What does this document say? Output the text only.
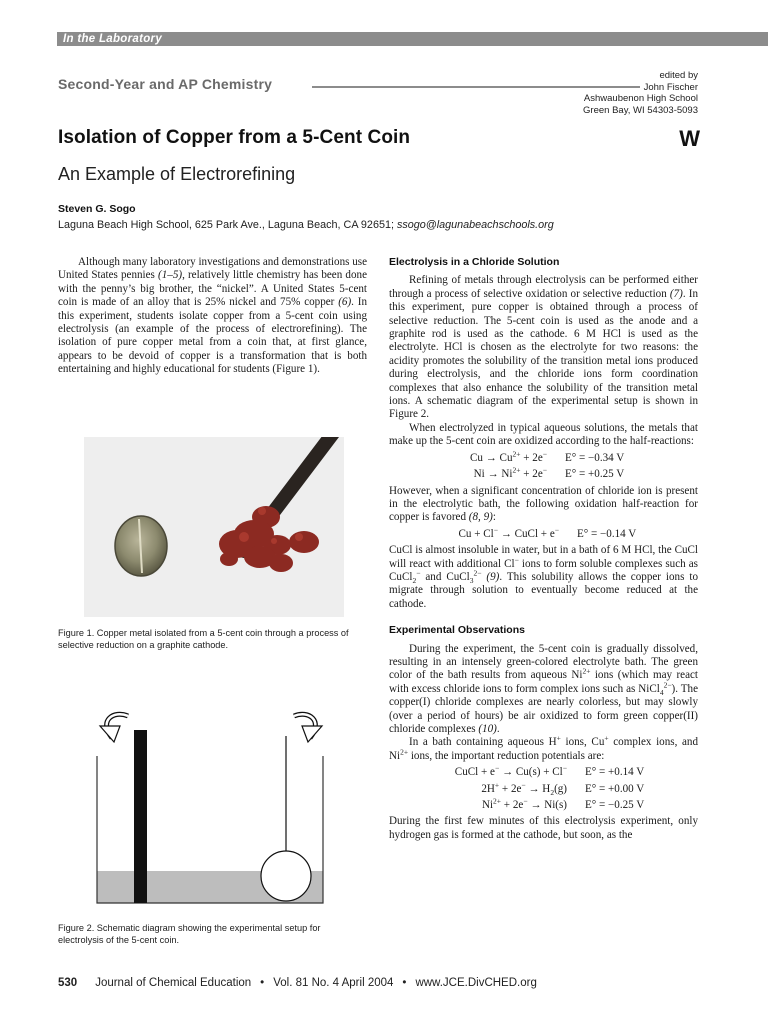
In the Laboratory
Second-Year and AP Chemistry
edited by
John Fischer
Ashwaubenon High School
Green Bay, WI 54303-5093
Isolation of Copper from a 5-Cent Coin	W
An Example of Electrorefining
Steven G. Sogo
Laguna Beach High School, 625 Park Ave., Laguna Beach, CA 92651; ssogo@lagunabeachschools.org

Although many laboratory investigations and demonstrations use United States pennies (1–5), relatively little chemistry has been done with the penny’s big brother, the “nickel”. A United States 5-cent coin is made of an alloy that is 25% nickel and 75% copper (6). In this experiment, students isolate copper from a 5-cent coin using electrolysis (an example of the process of electrorefining). The isolation of pure copper metal from a coin that, at first glance, appears to be devoid of copper is a transformation that is both entertaining and highly educational for students (Figure 1).

Figure 1. Copper metal isolated from a 5-cent coin through a process of selective reduction on a graphite cathode.
Figure 2. Schematic diagram showing the experimental setup for electrolysis of the 5-cent coin.
Electrolysis in a Chloride Solution

Refining of metals through electrolysis can be performed either through a process of selective oxidation or selective reduction (7). In this experiment, pure copper is obtained through a process of selective reduction. The 5-cent coin is used as the anode and a graphite rod is used as the cathode. 6 M HCl is used as the electrolyte. HCl is chosen as the electrolyte for two reasons: the acidity promotes the solubility of the transition metal ions produced during electrolysis, and the chloride ions form coordination complexes that also enhance the solubility of the transition metal ions. A schematic diagram of the experimental setup is shown in Figure 2.

When electrolyzed in typical aqueous solutions, the metals that make up the 5-cent coin are oxidized according to the half-reactions:

$Cu \to Cu^{2+} + 2e^-$ E° = −0.34 V
$Ni \to Ni^{2+} + 2e^-$ E° = +0.25 V

However, when a significant concentration of chloride ion is present in the electrolytic bath, the following oxidation half-reaction for copper is favored (8, 9):

Cu + Cl− → CuCl + e− E° = −0.14 V

CuCl is almost insoluble in water, but in a bath of 6 M HCl, the CuCl will react with additional Cl− ions to form soluble complexes such as CuCl$_2$− and CuCl$_3^{2-}$ (9). This solubility allows the copper ions to migrate through solution to eventually become reduced at the cathode.

Experimental Observations

During the experiment, the 5-cent coin is gradually dissolved, resulting in an intensely green-colored electrolyte bath. The green color of the bath results from aqueous $Ni^{2+}$ ions (which may react with excess chloride ions to form complex ions such as NiCl$_4^{2-}$). The copper(I) chloride complexes are nearly colorless, but may slowly (over a period of hours) be air oxidized to form green copper(II) chloride complexes (10).

In a bath containing aqueous H+ ions, Cu+ complex ions, and $Ni^{2+}$ ions, the important reduction potentials are:

CuCl + e− → Cu(s) + Cl− E° = +0.14 V
$2H^+ + 2e^- \to H_2(g) E^\circ = +0.00$ V
$Ni^{2+} + 2e^- \to Ni(s) E^\circ = -0.25$ V

During the first few minutes of this electrolysis experiment, only hydrogen gas is formed at the cathode, but soon, as the

530 Journal of Chemical Education • Vol. 81 No. 4 April 2004 • www.JCE.DivCHED.org
